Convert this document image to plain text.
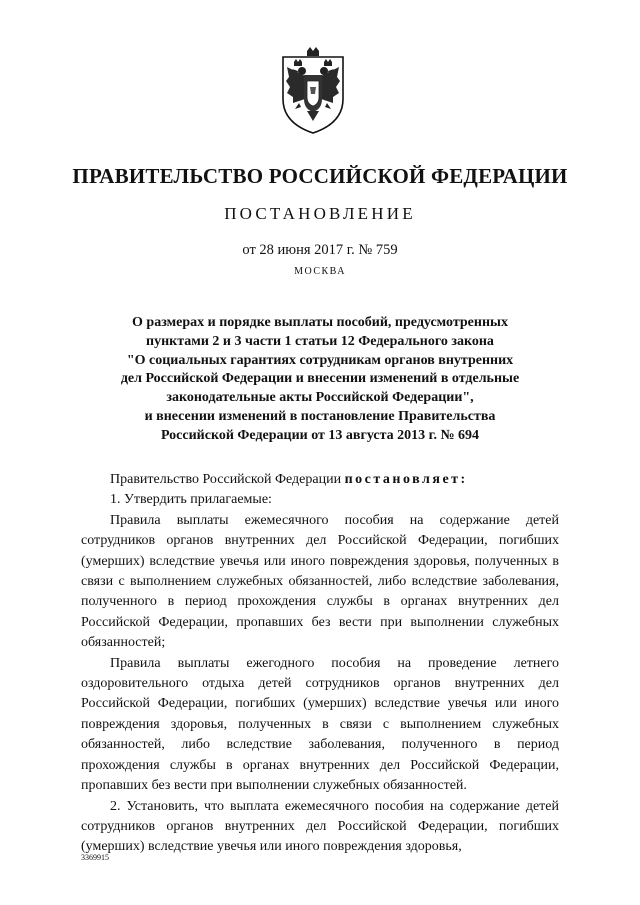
ПРАВИТЕЛЬСТВО РОССИЙСКОЙ ФЕДЕРАЦИИ
ПОСТАНОВЛЕНИЕ
от 28 июня 2017 г. № 759
МОСКВА
О размерах и порядке выплаты пособий, предусмотренных
пунктами 2 и 3 части 1 статьи 12 Федерального закона
"О социальных гарантиях сотрудникам органов внутренних
дел Российской Федерации и внесении изменений в отдельные
законодательные акты Российской Федерации",
и внесении изменений в постановление Правительства
Российской Федерации от 13 августа 2013 г. № 694

Правительство Российской Федерации постановляет:

1. Утвердить прилагаемые:

Правила выплаты ежемесячного пособия на содержание детей сотрудников органов внутренних дел Российской Федерации, погибших (умерших) вследствие увечья или иного повреждения здоровья, полученных в связи с выполнением служебных обязанностей, либо вследствие заболевания, полученного в период прохождения службы в органах внутренних дел Российской Федерации, пропавших без вести при выполнении служебных обязанностей;

Правила выплаты ежегодного пособия на проведение летнего оздоровительного отдыха детей сотрудников органов внутренних дел Российской Федерации, погибших (умерших) вследствие увечья или иного повреждения здоровья, полученных в связи с выполнением служебных обязанностей, либо вследствие заболевания, полученного в период прохождения службы в органах внутренних дел Российской Федерации, пропавших без вести при выполнении служебных обязанностей.

2. Установить, что выплата ежемесячного пособия на содержание детей сотрудников органов внутренних дел Российской Федерации, погибших (умерших) вследствие увечья или иного повреждения здоровья,

3369915
